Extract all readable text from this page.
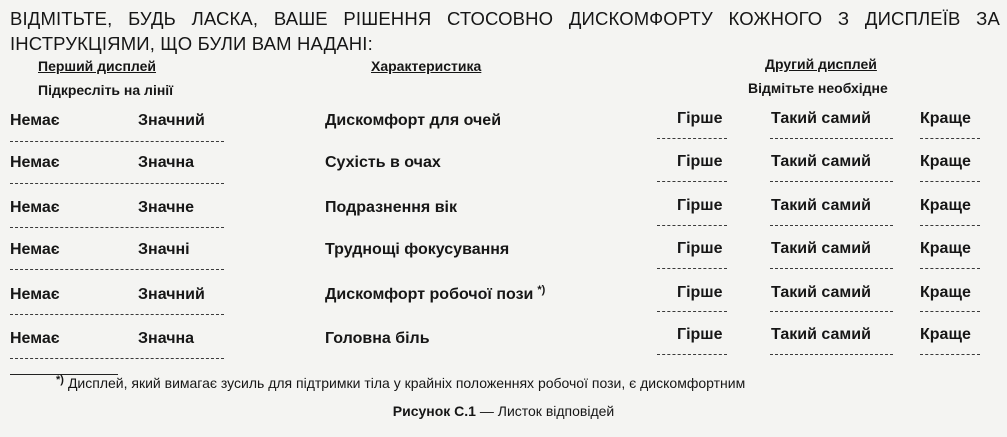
ВІДМІТЬТЕ, БУДЬ ЛАСКА, ВАШЕ РІШЕННЯ СТОСОВНО ДИСКОМФОРТУ КОЖНОГО З ДИСПЛЕЇВ ЗА ІНСТРУКЦІЯМИ, ЩО БУЛИ ВАМ НАДАНІ:
Перший дисплей	Характеристика	Другий дисплей
Підкресліть на лінії	Відмітьте необхідне
Немає	Значний	Дискомфорт для очей	Гірше	Такий самий	Краще
Немає	Значна	Сухість в очах	Гірше	Такий самий	Краще
Немає	Значне	Подразнення вік	Гірше	Такий самий	Краще
Немає	Значні	Труднощі фокусування	Гірше	Такий самий	Краще
Немає	Значний	Дискомфорт робочої пози *)	Гірше	Такий самий	Краще
Немає	Значна	Головна біль	Гірше	Такий самий	Краще
*) Дисплей, який вимагає зусиль для підтримки тіла у крайніх положеннях робочої пози, є дискомфортним
Рисунок С.1 — Листок відповідей
